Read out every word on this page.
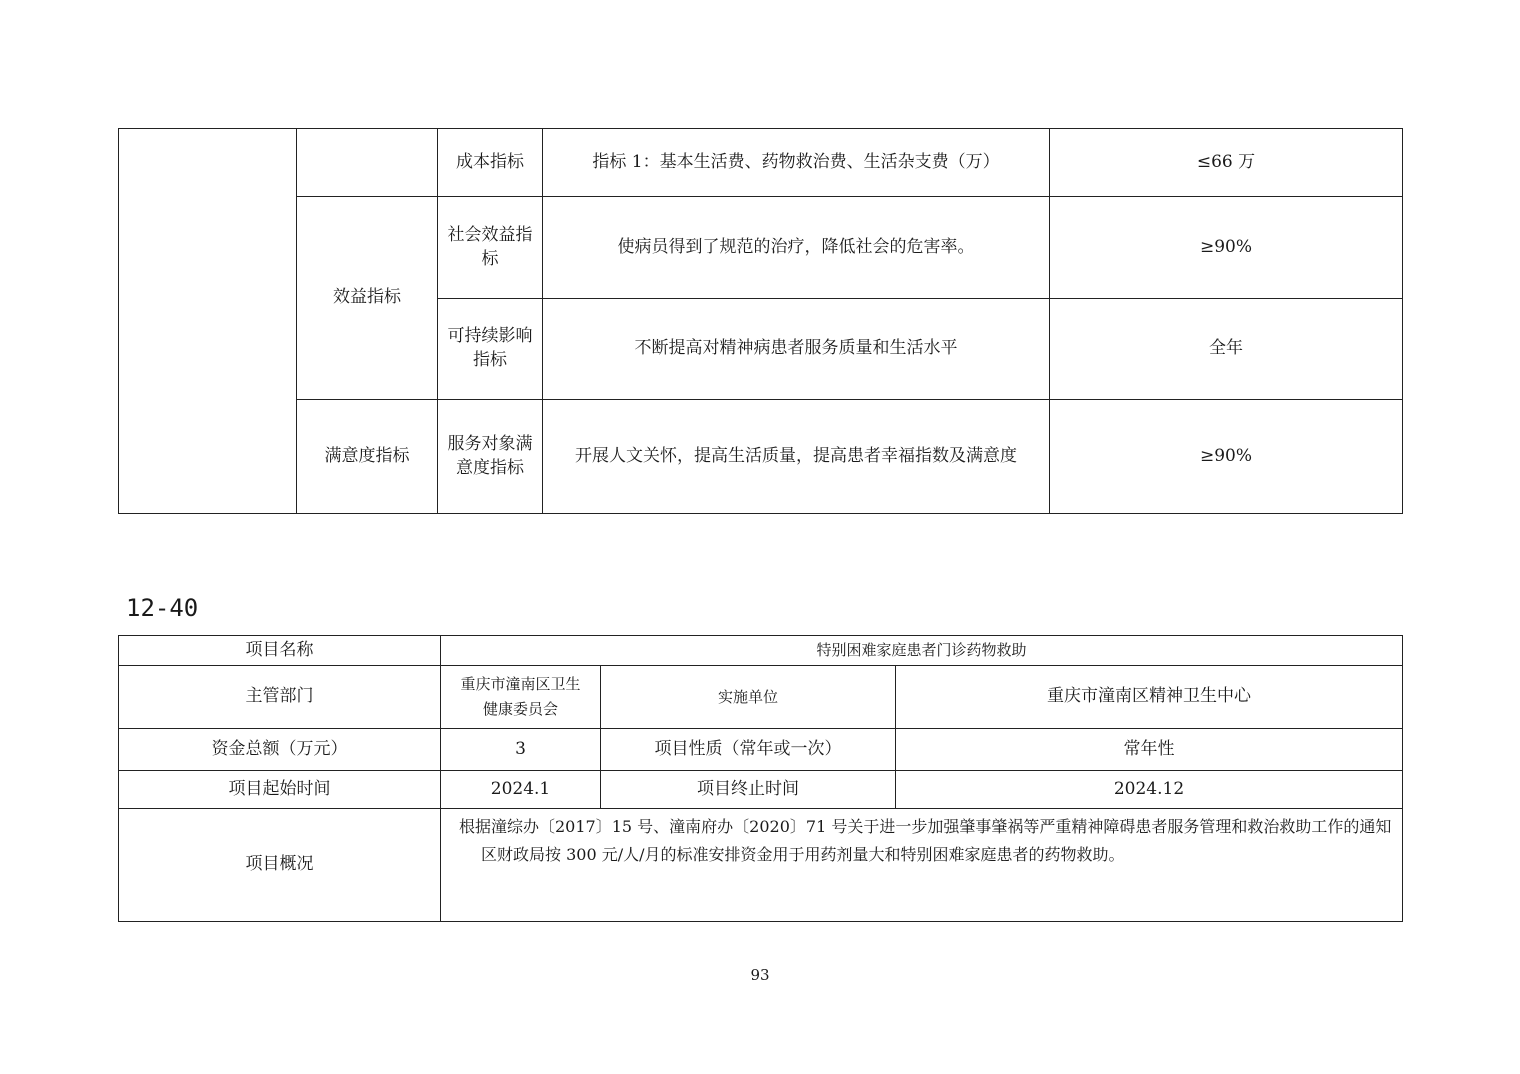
		成本指标	指标 1：基本生活费、药物救治费、生活杂支费（万）	≤66 万
	效益指标	社会效益指标	使病员得到了规范的治疗，降低社会的危害率。	≥90%
		可持续影响指标	不断提高对精神病患者服务质量和生活水平	全年
	满意度指标	服务对象满意度指标	开展人文关怀，提高生活质量，提高患者幸福指数及满意度	≥90%
12-40
项目名称	特别困难家庭患者门诊药物救助		
主管部门	重庆市潼南区卫生健康委员会	实施单位	重庆市潼南区精神卫生中心
资金总额（万元）	3	项目性质（常年或一次）	常年性
项目起始时间	2024.1	项目终止时间	2024.12
项目概况	根据潼综办〔2017〕15 号、潼南府办〔2020〕71 号关于进一步加强肇事肇祸等严重精神障碍患者服务管理和救治救助工作的通知

区财政局按 300 元/人/月的标准安排资金用于用药剂量大和特别困难家庭患者的药物救助。		

93
